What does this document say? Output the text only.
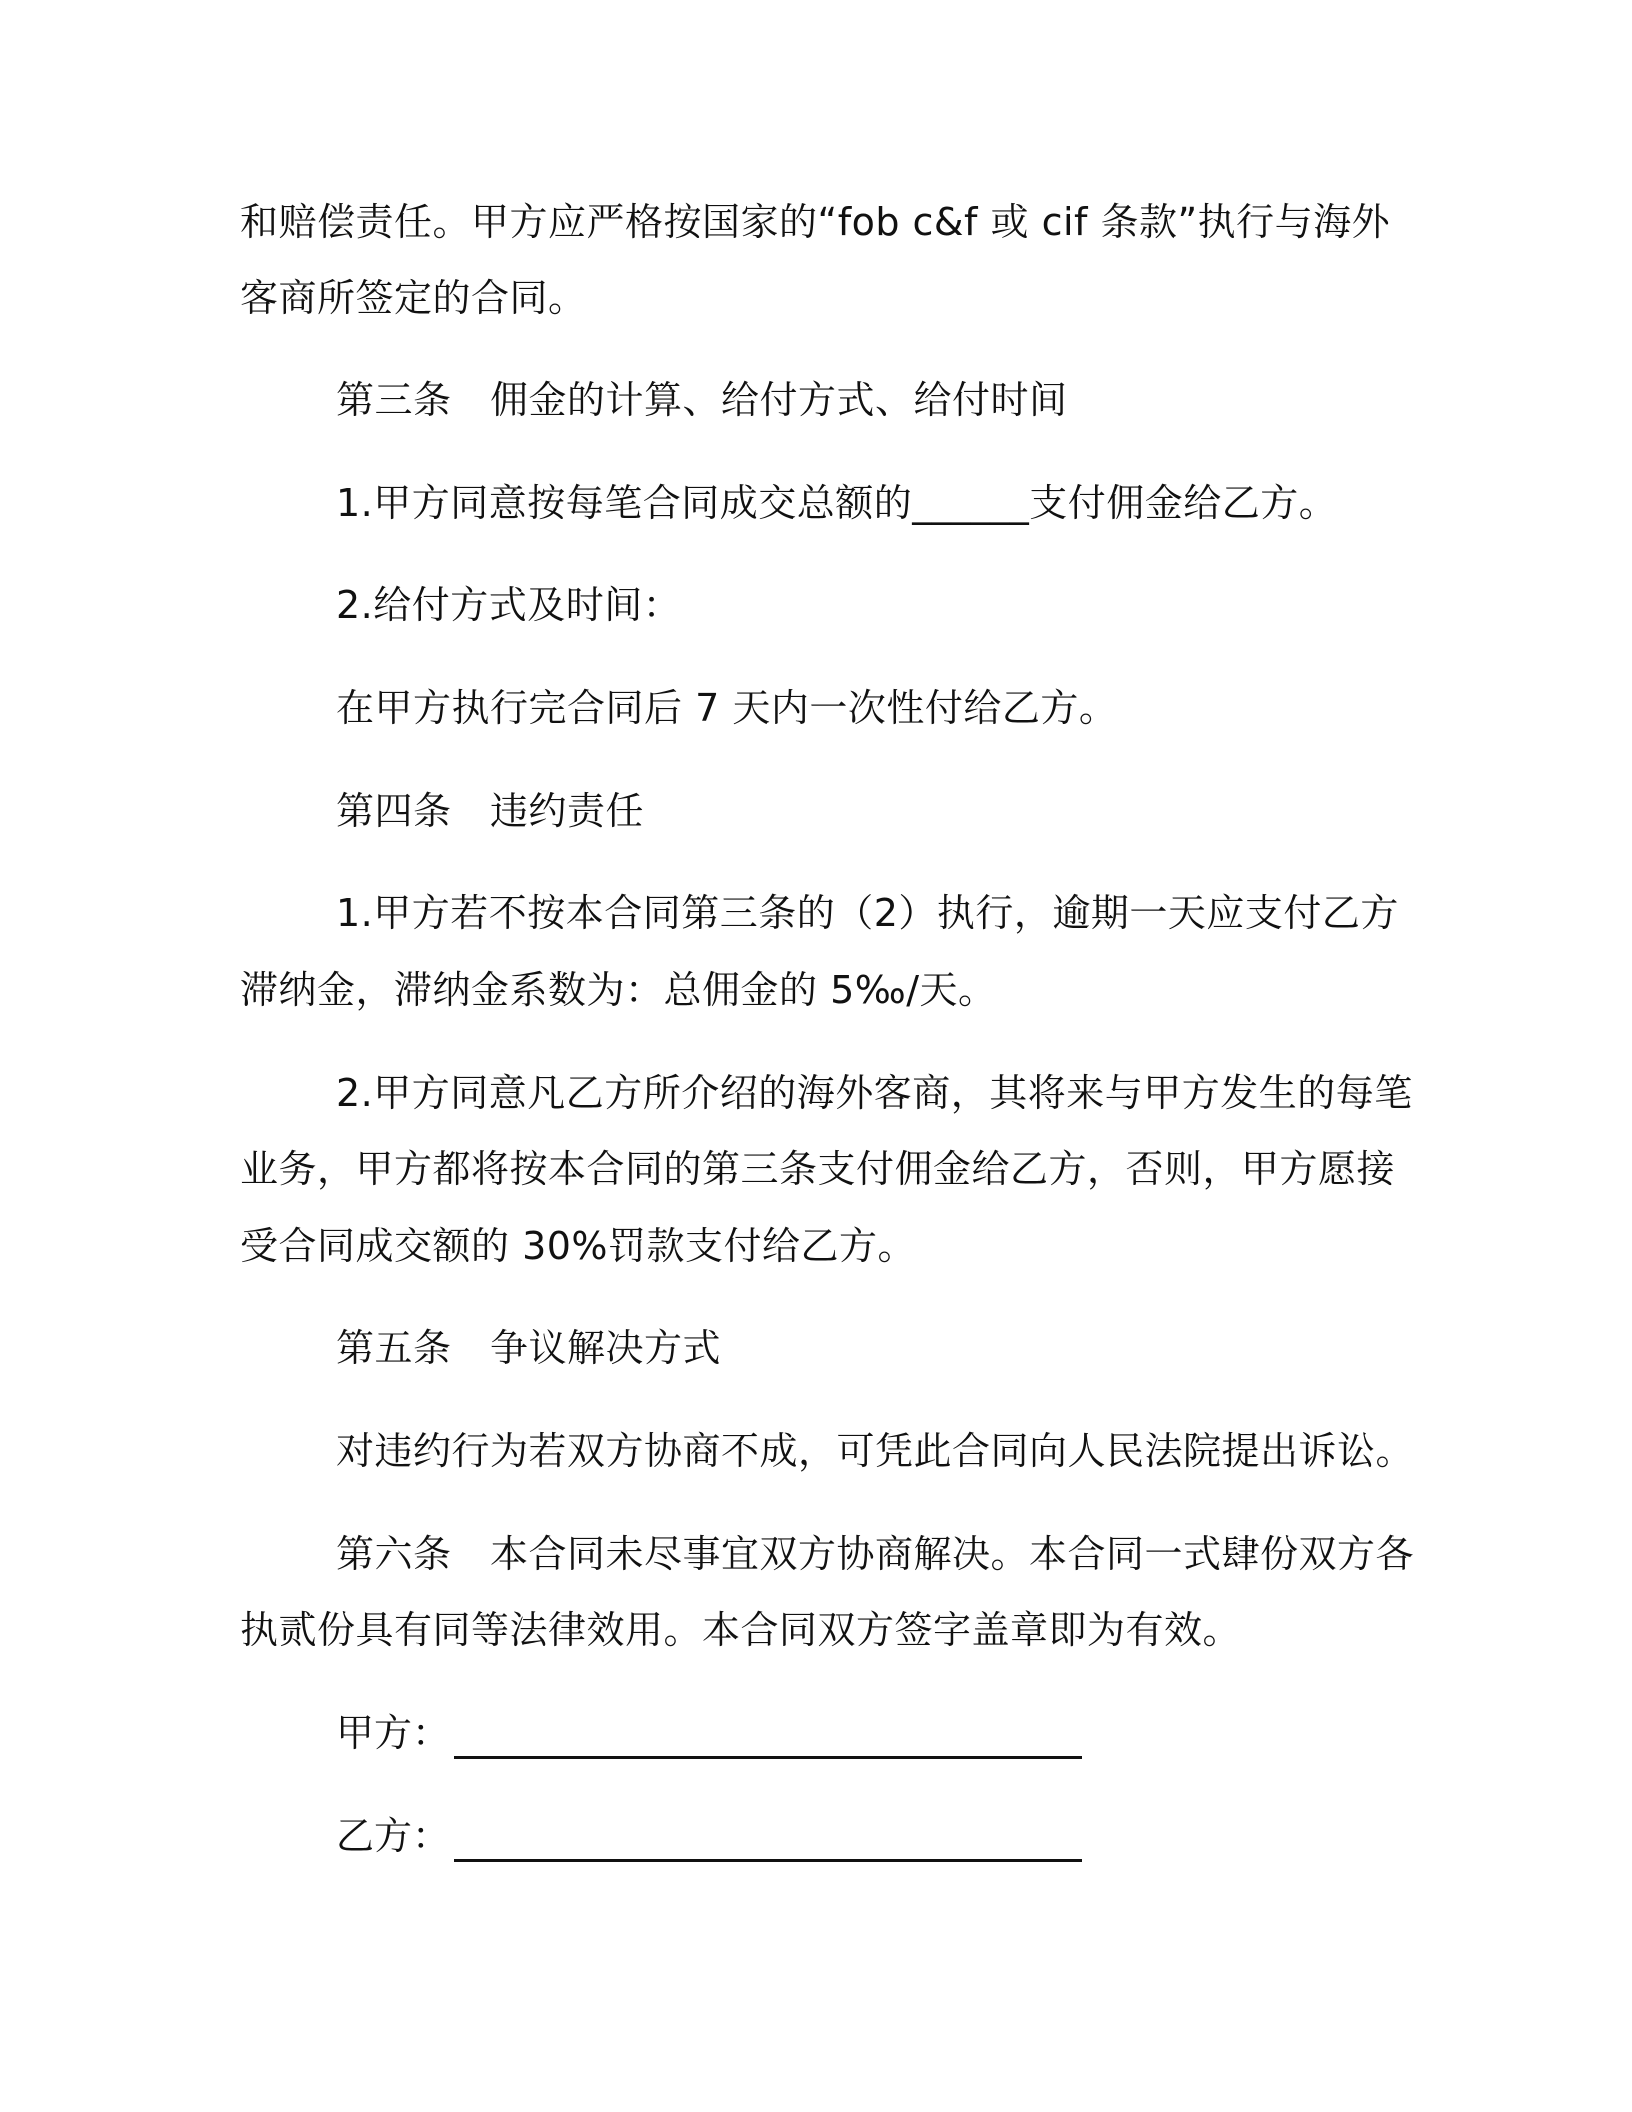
和赔偿责任。甲方应严格按国家的“fob c&f 或 cif 条款”执行与海外
客商所签定的合同。
第三条　佣金的计算、给付方式、给付时间
1.甲方同意按每笔合同成交总额的______支付佣金给乙方。
2.给付方式及时间：
在甲方执行完合同后 7 天内一次性付给乙方。
第四条　违约责任
1.甲方若不按本合同第三条的（2）执行，逾期一天应支付乙方
滞纳金，滞纳金系数为：总佣金的 5‰/天。
2.甲方同意凡乙方所介绍的海外客商，其将来与甲方发生的每笔
业务，甲方都将按本合同的第三条支付佣金给乙方，否则，甲方愿接
受合同成交额的 30%罚款支付给乙方。
第五条　争议解决方式
对违约行为若双方协商不成，可凭此合同向人民法院提出诉讼。
第六条　本合同未尽事宜双方协商解决。本合同一式肆份双方各
执贰份具有同等法律效用。本合同双方签字盖章即为有效。
甲方：
乙方：
